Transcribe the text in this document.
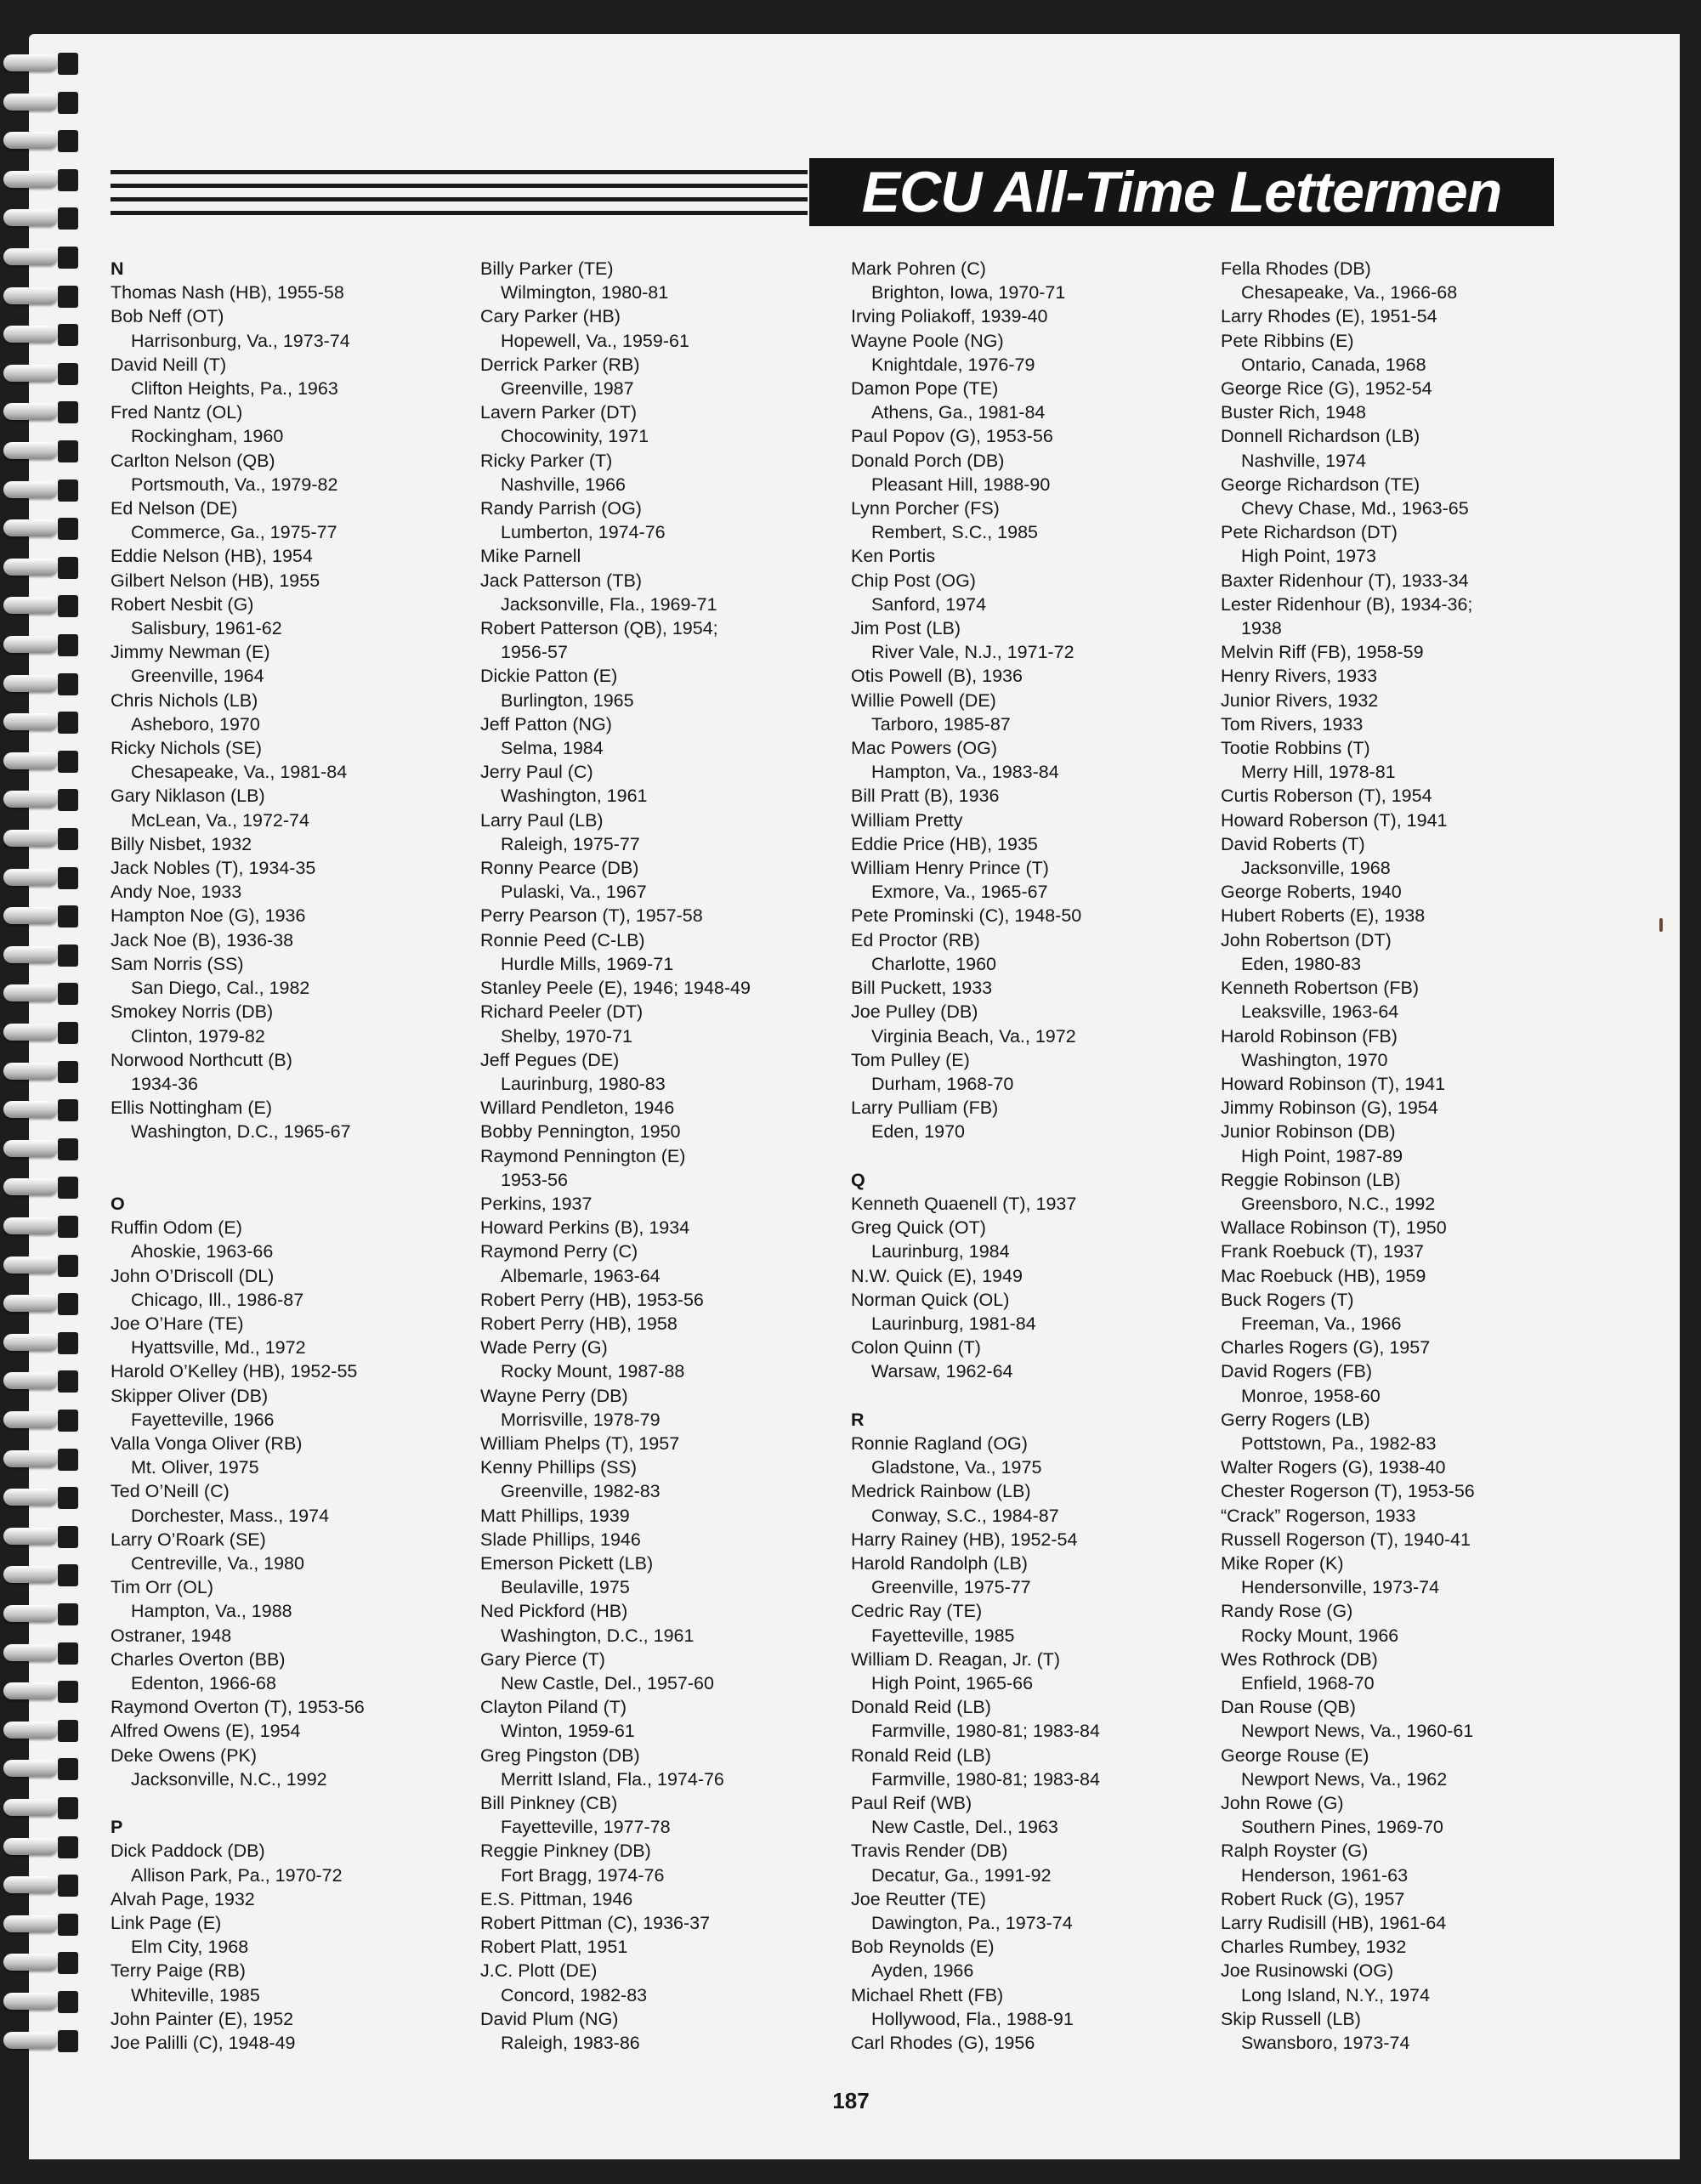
ECU All-Time Lettermen
N
Thomas Nash (HB), 1955-58
Bob Neff (OT)
Harrisonburg, Va., 1973-74
David Neill (T)
Clifton Heights, Pa., 1963
Fred Nantz (OL)
Rockingham, 1960
Carlton Nelson (QB)
Portsmouth, Va., 1979-82
Ed Nelson (DE)
Commerce, Ga., 1975-77
Eddie Nelson (HB), 1954
Gilbert Nelson (HB), 1955
Robert Nesbit (G)
Salisbury, 1961-62
Jimmy Newman (E)
Greenville, 1964
Chris Nichols (LB)
Asheboro, 1970
Ricky Nichols (SE)
Chesapeake, Va., 1981-84
Gary Niklason (LB)
McLean, Va., 1972-74
Billy Nisbet, 1932
Jack Nobles (T), 1934-35
Andy Noe, 1933
Hampton Noe (G), 1936
Jack Noe (B), 1936-38
Sam Norris (SS)
San Diego, Cal., 1982
Smokey Norris (DB)
Clinton, 1979-82
Norwood Northcutt (B)
1934-36
Ellis Nottingham (E)
Washington, D.C., 1965-67
O
Ruffin Odom (E)
Ahoskie, 1963-66
John O’Driscoll (DL)
Chicago, Ill., 1986-87
Joe O’Hare (TE)
Hyattsville, Md., 1972
Harold O’Kelley (HB), 1952-55
Skipper Oliver (DB)
Fayetteville, 1966
Valla Vonga Oliver (RB)
Mt. Oliver, 1975
Ted O’Neill (C)
Dorchester, Mass., 1974
Larry O’Roark (SE)
Centreville, Va., 1980
Tim Orr (OL)
Hampton, Va., 1988
Ostraner, 1948
Charles Overton (BB)
Edenton, 1966-68
Raymond Overton (T), 1953-56
Alfred Owens (E), 1954
Deke Owens (PK)
Jacksonville, N.C., 1992
P
Dick Paddock (DB)
Allison Park, Pa., 1970-72
Alvah Page, 1932
Link Page (E)
Elm City, 1968
Terry Paige (RB)
Whiteville, 1985
John Painter (E), 1952
Joe Palilli (C), 1948-49
Billy Parker (TE)
Wilmington, 1980-81
Cary Parker (HB)
Hopewell, Va., 1959-61
Derrick Parker (RB)
Greenville, 1987
Lavern Parker (DT)
Chocowinity, 1971
Ricky Parker (T)
Nashville, 1966
Randy Parrish (OG)
Lumberton, 1974-76
Mike Parnell
Jack Patterson (TB)
Jacksonville, Fla., 1969-71
Robert Patterson (QB), 1954;
1956-57
Dickie Patton (E)
Burlington, 1965
Jeff Patton (NG)
Selma, 1984
Jerry Paul (C)
Washington, 1961
Larry Paul (LB)
Raleigh, 1975-77
Ronny Pearce (DB)
Pulaski, Va., 1967
Perry Pearson (T), 1957-58
Ronnie Peed (C-LB)
Hurdle Mills, 1969-71
Stanley Peele (E), 1946; 1948-49
Richard Peeler (DT)
Shelby, 1970-71
Jeff Pegues (DE)
Laurinburg, 1980-83
Willard Pendleton, 1946
Bobby Pennington, 1950
Raymond Pennington (E)
1953-56
Perkins, 1937
Howard Perkins (B), 1934
Raymond Perry (C)
Albemarle, 1963-64
Robert Perry (HB), 1953-56
Robert Perry (HB), 1958
Wade Perry (G)
Rocky Mount, 1987-88
Wayne Perry (DB)
Morrisville, 1978-79
William Phelps (T), 1957
Kenny Phillips (SS)
Greenville, 1982-83
Matt Phillips, 1939
Slade Phillips, 1946
Emerson Pickett (LB)
Beulaville, 1975
Ned Pickford (HB)
Washington, D.C., 1961
Gary Pierce (T)
New Castle, Del., 1957-60
Clayton Piland (T)
Winton, 1959-61
Greg Pingston (DB)
Merritt Island, Fla., 1974-76
Bill Pinkney (CB)
Fayetteville, 1977-78
Reggie Pinkney (DB)
Fort Bragg, 1974-76
E.S. Pittman, 1946
Robert Pittman (C), 1936-37
Robert Platt, 1951
J.C. Plott (DE)
Concord, 1982-83
David Plum (NG)
Raleigh, 1983-86
Mark Pohren (C)
Brighton, Iowa, 1970-71
Irving Poliakoff, 1939-40
Wayne Poole (NG)
Knightdale, 1976-79
Damon Pope (TE)
Athens, Ga., 1981-84
Paul Popov (G), 1953-56
Donald Porch (DB)
Pleasant Hill, 1988-90
Lynn Porcher (FS)
Rembert, S.C., 1985
Ken Portis
Chip Post (OG)
Sanford, 1974
Jim Post (LB)
River Vale, N.J., 1971-72
Otis Powell (B), 1936
Willie Powell (DE)
Tarboro, 1985-87
Mac Powers (OG)
Hampton, Va., 1983-84
Bill Pratt (B), 1936
William Pretty
Eddie Price (HB), 1935
William Henry Prince (T)
Exmore, Va., 1965-67
Pete Prominski (C), 1948-50
Ed Proctor (RB)
Charlotte, 1960
Bill Puckett, 1933
Joe Pulley (DB)
Virginia Beach, Va., 1972
Tom Pulley (E)
Durham, 1968-70
Larry Pulliam (FB)
Eden, 1970
Q
Kenneth Quaenell (T), 1937
Greg Quick (OT)
Laurinburg, 1984
N.W. Quick (E), 1949
Norman Quick (OL)
Laurinburg, 1981-84
Colon Quinn (T)
Warsaw, 1962-64
R
Ronnie Ragland (OG)
Gladstone, Va., 1975
Medrick Rainbow (LB)
Conway, S.C., 1984-87
Harry Rainey (HB), 1952-54
Harold Randolph (LB)
Greenville, 1975-77
Cedric Ray (TE)
Fayetteville, 1985
William D. Reagan, Jr. (T)
High Point, 1965-66
Donald Reid (LB)
Farmville, 1980-81; 1983-84
Ronald Reid (LB)
Farmville, 1980-81; 1983-84
Paul Reif (WB)
New Castle, Del., 1963
Travis Render (DB)
Decatur, Ga., 1991-92
Joe Reutter (TE)
Dawington, Pa., 1973-74
Bob Reynolds (E)
Ayden, 1966
Michael Rhett (FB)
Hollywood, Fla., 1988-91
Carl Rhodes (G), 1956
Fella Rhodes (DB)
Chesapeake, Va., 1966-68
Larry Rhodes (E), 1951-54
Pete Ribbins (E)
Ontario, Canada, 1968
George Rice (G), 1952-54
Buster Rich, 1948
Donnell Richardson (LB)
Nashville, 1974
George Richardson (TE)
Chevy Chase, Md., 1963-65
Pete Richardson (DT)
High Point, 1973
Baxter Ridenhour (T), 1933-34
Lester Ridenhour (B), 1934-36;
1938
Melvin Riff (FB), 1958-59
Henry Rivers, 1933
Junior Rivers, 1932
Tom Rivers, 1933
Tootie Robbins (T)
Merry Hill, 1978-81
Curtis Roberson (T), 1954
Howard Roberson (T), 1941
David Roberts (T)
Jacksonville, 1968
George Roberts, 1940
Hubert Roberts (E), 1938
John Robertson (DT)
Eden, 1980-83
Kenneth Robertson (FB)
Leaksville, 1963-64
Harold Robinson (FB)
Washington, 1970
Howard Robinson (T), 1941
Jimmy Robinson (G), 1954
Junior Robinson (DB)
High Point, 1987-89
Reggie Robinson (LB)
Greensboro, N.C., 1992
Wallace Robinson (T), 1950
Frank Roebuck (T), 1937
Mac Roebuck (HB), 1959
Buck Rogers (T)
Freeman, Va., 1966
Charles Rogers (G), 1957
David Rogers (FB)
Monroe, 1958-60
Gerry Rogers (LB)
Pottstown, Pa., 1982-83
Walter Rogers (G), 1938-40
Chester Rogerson (T), 1953-56
“Crack” Rogerson, 1933
Russell Rogerson (T), 1940-41
Mike Roper (K)
Hendersonville, 1973-74
Randy Rose (G)
Rocky Mount, 1966
Wes Rothrock (DB)
Enfield, 1968-70
Dan Rouse (QB)
Newport News, Va., 1960-61
George Rouse (E)
Newport News, Va., 1962
John Rowe (G)
Southern Pines, 1969-70
Ralph Royster (G)
Henderson, 1961-63
Robert Ruck (G), 1957
Larry Rudisill (HB), 1961-64
Charles Rumbey, 1932
Joe Rusinowski (OG)
Long Island, N.Y., 1974
Skip Russell (LB)
Swansboro, 1973-74
187
